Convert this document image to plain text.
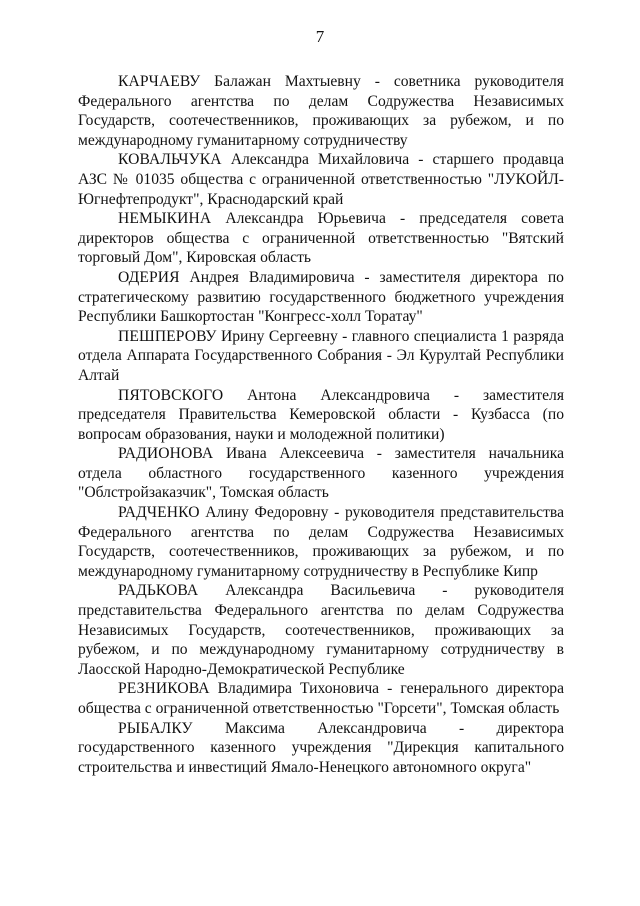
7

КАРЧАЕВУ Балажан Махтыевну - советника руководителя Федерального агентства по делам Содружества Независимых Государств, соотечественников, проживающих за рубежом, и по международному гуманитарному сотрудничеству

КОВАЛЬЧУКА Александра Михайловича - старшего продавца АЗС № 01035 общества с ограниченной ответственностью "ЛУКОЙЛ-Югнефтепродукт", Краснодарский край

НЕМЫКИНА Александра Юрьевича - председателя совета директоров общества с ограниченной ответственностью "Вятский торговый Дом", Кировская область

ОДЕРИЯ Андрея Владимировича - заместителя директора по стратегическому развитию государственного бюджетного учреждения Республики Башкортостан "Конгресс-холл Торатау"

ПЕШПЕРОВУ Ирину Сергеевну - главного специалиста 1 разряда отдела Аппарата Государственного Собрания - Эл Курултай Республики Алтай

ПЯТОВСКОГО Антона Александровича - заместителя председателя Правительства Кемеровской области - Кузбасса (по вопросам образования, науки и молодежной политики)

РАДИОНОВА Ивана Алексеевича - заместителя начальника отдела областного государственного казенного учреждения "Облстройзаказчик", Томская область

РАДЧЕНКО Алину Федоровну - руководителя представительства Федерального агентства по делам Содружества Независимых Государств, соотечественников, проживающих за рубежом, и по международному гуманитарному сотрудничеству в Республике Кипр

РАДЬКОВА Александра Васильевича - руководителя представительства Федерального агентства по делам Содружества Независимых Государств, соотечественников, проживающих за рубежом, и по международному гуманитарному сотрудничеству в Лаосской Народно-Демократической Республике

РЕЗНИКОВА Владимира Тихоновича - генерального директора общества с ограниченной ответственностью "Горсети", Томская область

РЫБАЛКУ Максима Александровича - директора государственного казенного учреждения "Дирекция капитального строительства и инвестиций Ямало-Ненецкого автономного округа"
